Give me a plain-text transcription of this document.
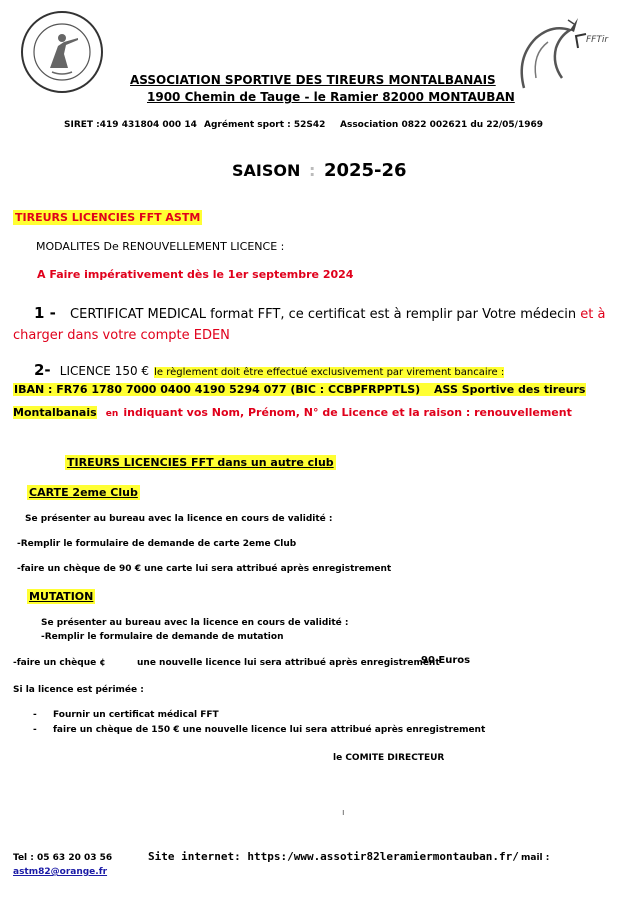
FFTir
ASSOCIATION SPORTIVE DES TIREURS MONTALBANAIS
1900 Chemin de Tauge - le Ramier 82000 MONTAUBAN
SIRET :419 431804 000 14 Agrément sport : 52S42 Association 0822 002621 du 22/05/1969
SAISON : 2025-26
TIREURS LICENCIES FFT ASTM
MODALITES De RENOUVELLEMENT LICENCE :
A Faire impérativement dès le 1er septembre 2024
1 - CERTIFICAT MEDICAL format FFT, ce certificat est à remplir par Votre médecin et à
charger dans votre compte EDEN
2- LICENCE 150 € le règlement doit être effectué exclusivement par virement bancaire :
IBAN : FR76 1780 7000 0400 4190 5294 077 (BIC : CCBPFRPPTLS) ASS Sportive des tireurs
Montalbanais en indiquant vos Nom, Prénom, N° de Licence et la raison : renouvellement
TIREURS LICENCIES FFT dans un autre club
CARTE 2eme Club
Se présenter au bureau avec la licence en cours de validité :
-Remplir le formulaire de demande de carte 2eme Club
-faire un chèque de 90 € une carte lui sera attribué après enregistrement
MUTATION
Se présenter au bureau avec la licence en cours de validité :
-Remplir le formulaire de demande de mutation
-faire un chèque ¢	une nouvelle licence lui sera attribué après enregistrement
90 Euros
Si la licence est périmée :
- Fournir un certificat médical FFT
- faire un chèque de 150 € une nouvelle licence lui sera attribué après enregistrement
le COMITE DIRECTEUR
ı
Tel : 05 63 20 03 56	Site internet: https:/www.assotir82leramiermontauban.fr/ mail :
astm82@orange.fr
